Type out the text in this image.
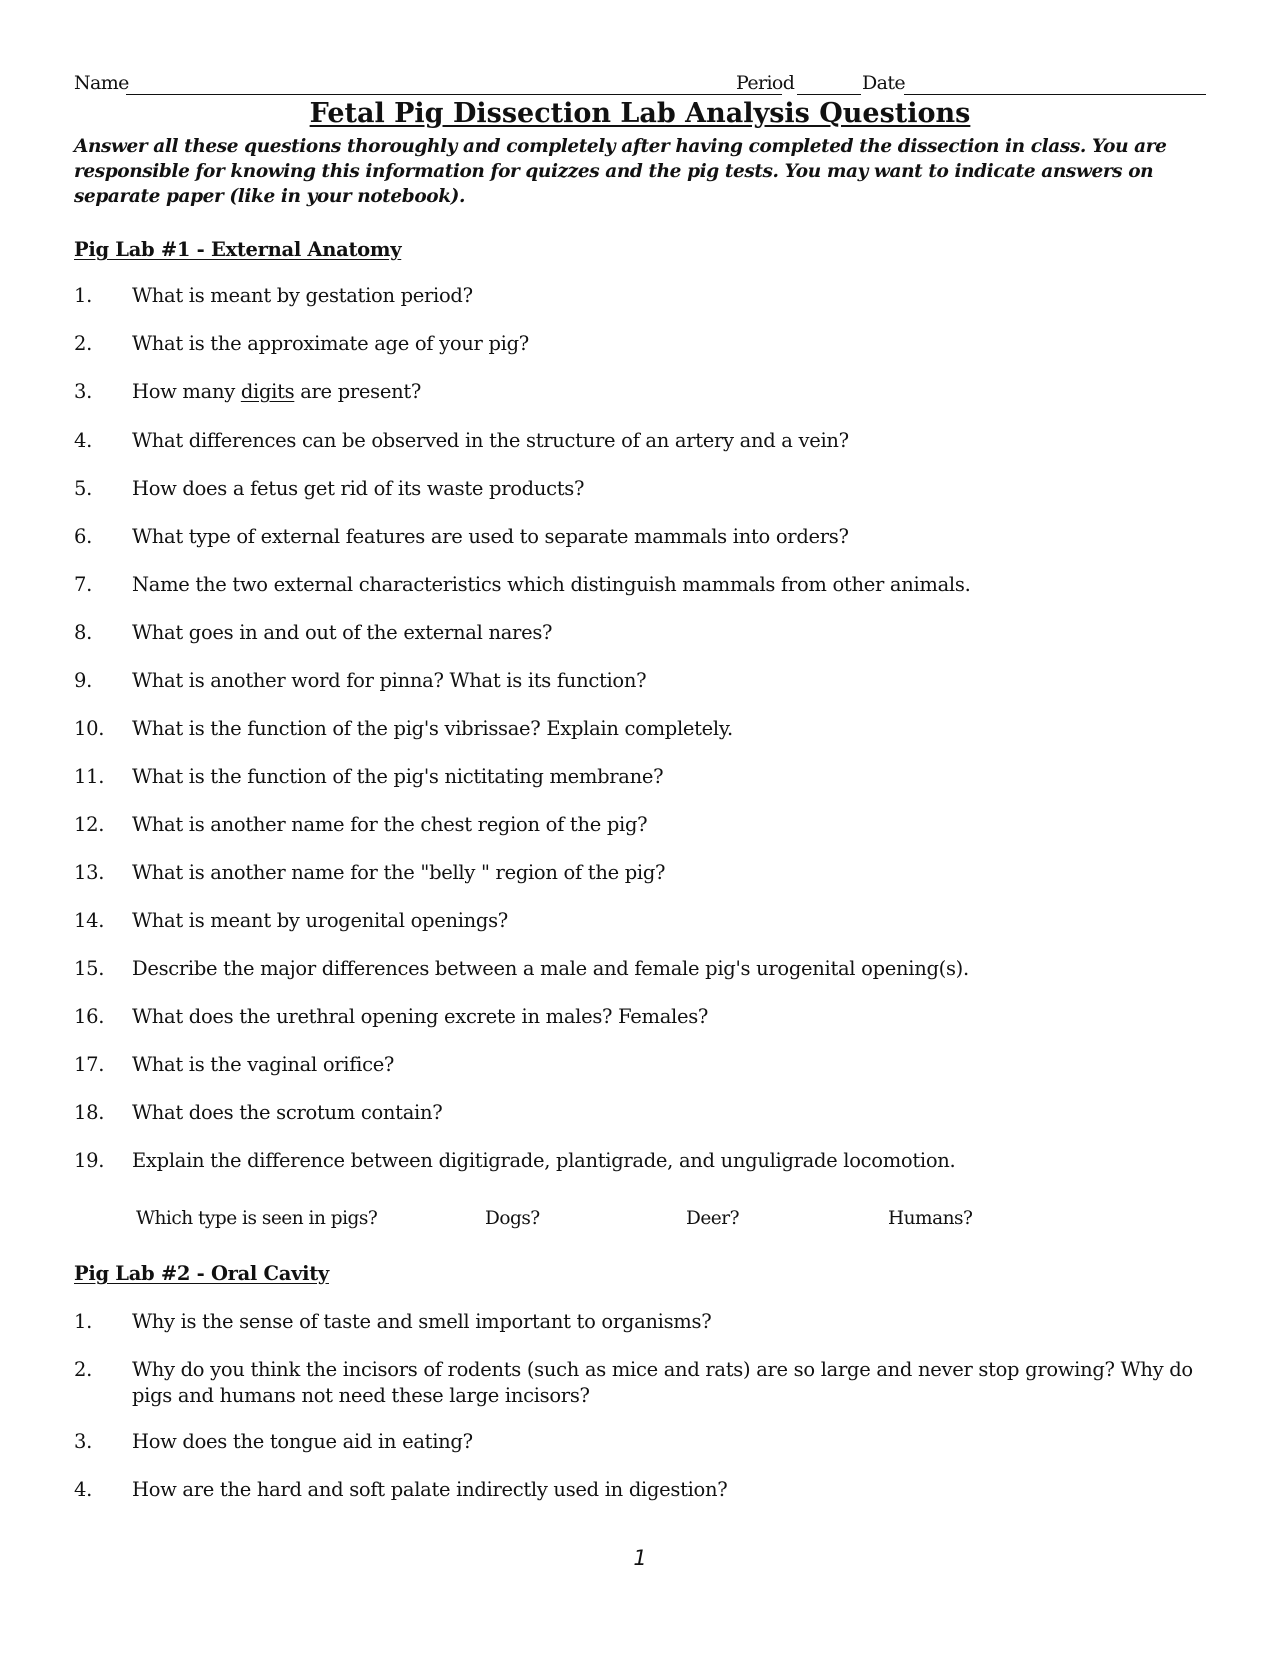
Name	Period	Date
Fetal Pig Dissection Lab Analysis Questions
Answer all these questions thoroughly and completely after having completed the dissection in class. You are responsible for knowing this information for quizzes and the pig tests. You may want to indicate answers on separate paper (like in your notebook).
Pig Lab #1 - External Anatomy
1. What is meant by gestation period?
2. What is the approximate age of your pig?
3. How many digits are present?
4. What differences can be observed in the structure of an artery and a vein?
5. How does a fetus get rid of its waste products?
6. What type of external features are used to separate mammals into orders?
7. Name the two external characteristics which distinguish mammals from other animals.
8. What goes in and out of the external nares?
9. What is another word for pinna? What is its function?
10. What is the function of the pig's vibrissae? Explain completely.
11. What is the function of the pig's nictitating membrane?
12. What is another name for the chest region of the pig?
13. What is another name for the "belly " region of the pig?
14. What is meant by urogenital openings?
15. Describe the major differences between a male and female pig's urogenital opening(s).
16. What does the urethral opening excrete in males? Females?
17. What is the vaginal orifice?
18. What does the scrotum contain?
19. Explain the difference between digitigrade, plantigrade, and unguligrade locomotion.
Which type is seen in pigs?	Dogs?	Deer?	Humans?
Pig Lab #2 - Oral Cavity
1. Why is the sense of taste and smell important to organisms?
2. Why do you think the incisors of rodents (such as mice and rats) are so large and never stop growing? Why do pigs and humans not need these large incisors?
3. How does the tongue aid in eating?
4. How are the hard and soft palate indirectly used in digestion?
1
